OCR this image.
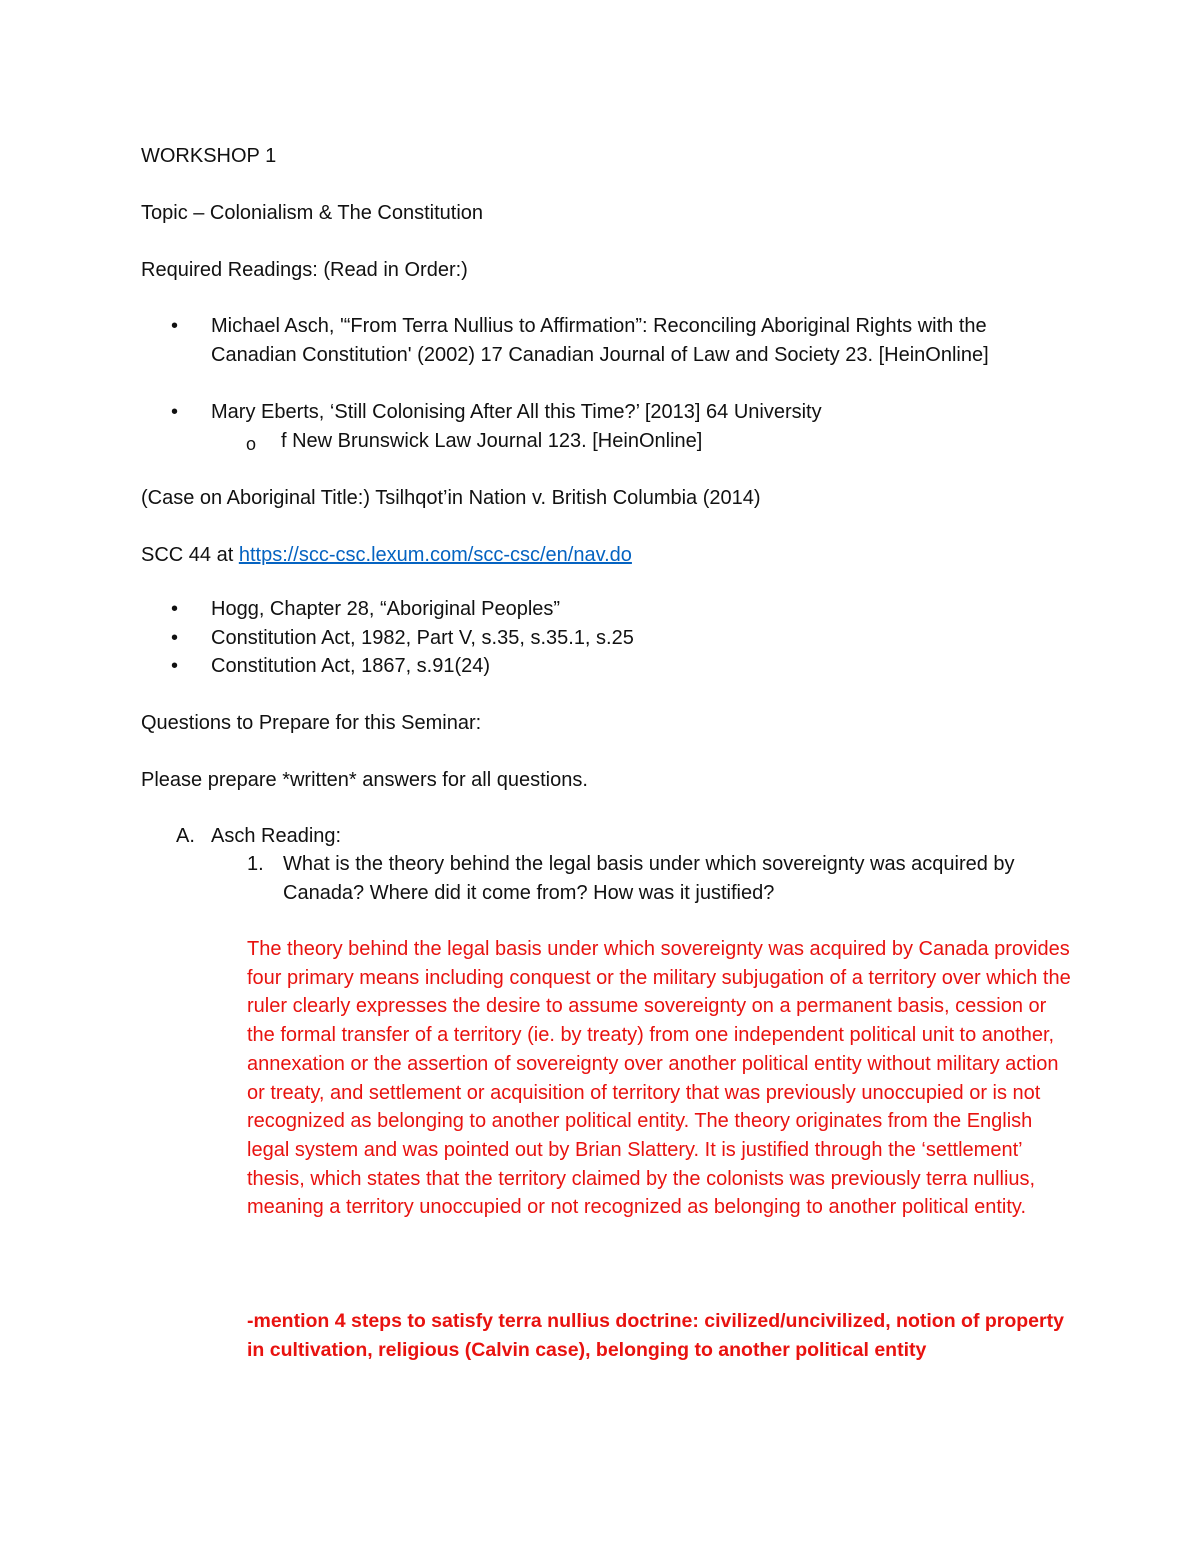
WORKSHOP 1

Topic – Colonialism & The Constitution

Required Readings: (Read in Order:)

•	Michael Asch, '“From Terra Nullius to Affirmation”: Reconciling Aboriginal Rights with the Canadian Constitution' (2002) 17 Canadian Journal of Law and Society 23. [HeinOnline]

•	Mary Eberts, ‘Still Colonising After All this Time?’ [2013] 64 University

o f New Brunswick Law Journal 123. [HeinOnline]

(Case on Aboriginal Title:) Tsilhqot’in Nation v. British Columbia (2014)

SCC 44 at https://scc-csc.lexum.com/scc-csc/en/nav.do

•	Hogg, Chapter 28, “Aboriginal Peoples”

•	Constitution Act, 1982, Part V, s.35, s.35.1, s.25

•	Constitution Act, 1867, s.91(24)

Questions to Prepare for this Seminar:

Please prepare *written* answers for all questions.

A. Asch Reading:

1. What is the theory behind the legal basis under which sovereignty was acquired by Canada? Where did it come from? How was it justified?

The theory behind the legal basis under which sovereignty was acquired by Canada provides four primary means including conquest or the military subjugation of a territory over which the ruler clearly expresses the desire to assume sovereignty on a permanent basis, cession or the formal transfer of a territory (ie. by treaty) from one independent political unit to another, annexation or the assertion of sovereignty over another political entity without military action or treaty, and settlement or acquisition of territory that was previously unoccupied or is not recognized as belonging to another political entity. The theory originates from the English legal system and was pointed out by Brian Slattery. It is justified through the ‘settlement’ thesis, which states that the territory claimed by the colonists was previously terra nullius, meaning a territory unoccupied or not recognized as belonging to another political entity.

-mention 4 steps to satisfy terra nullius doctrine: civilized/uncivilized, notion of property in cultivation, religious (Calvin case), belonging to another political entity
